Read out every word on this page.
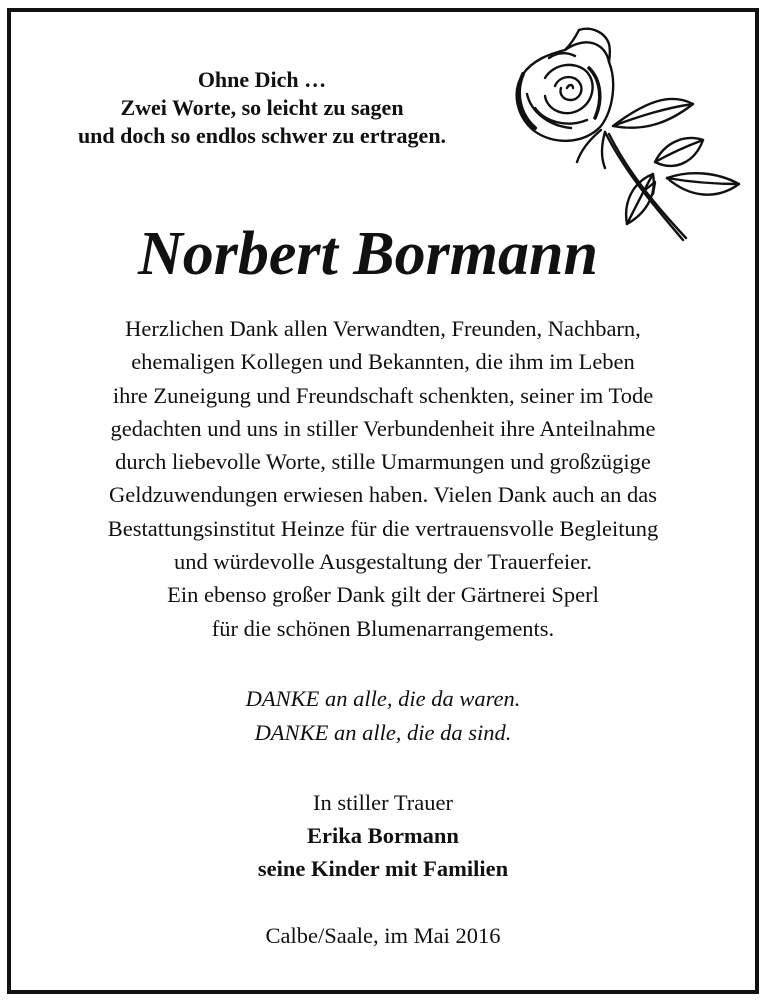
Ohne Dich …
Zwei Worte, so leicht zu sagen
und doch so endlos schwer zu ertragen.
Norbert Bormann
Herzlichen Dank allen Verwandten, Freunden, Nachbarn,
ehemaligen Kollegen und Bekannten, die ihm im Leben
ihre Zuneigung und Freundschaft schenkten, seiner im Tode
gedachten und uns in stiller Verbundenheit ihre Anteilnahme
durch liebevolle Worte, stille Umarmungen und großzügige
Geldzuwendungen erwiesen haben. Vielen Dank auch an das
Bestattungsinstitut Heinze für die vertrauensvolle Begleitung
und würdevolle Ausgestaltung der Trauerfeier.
Ein ebenso großer Dank gilt der Gärtnerei Sperl
für die schönen Blumenarrangements.
DANKE an alle, die da waren.
DANKE an alle, die da sind.
In stiller Trauer
Erika Bormann
seine Kinder mit Familien
Calbe/Saale, im Mai 2016
